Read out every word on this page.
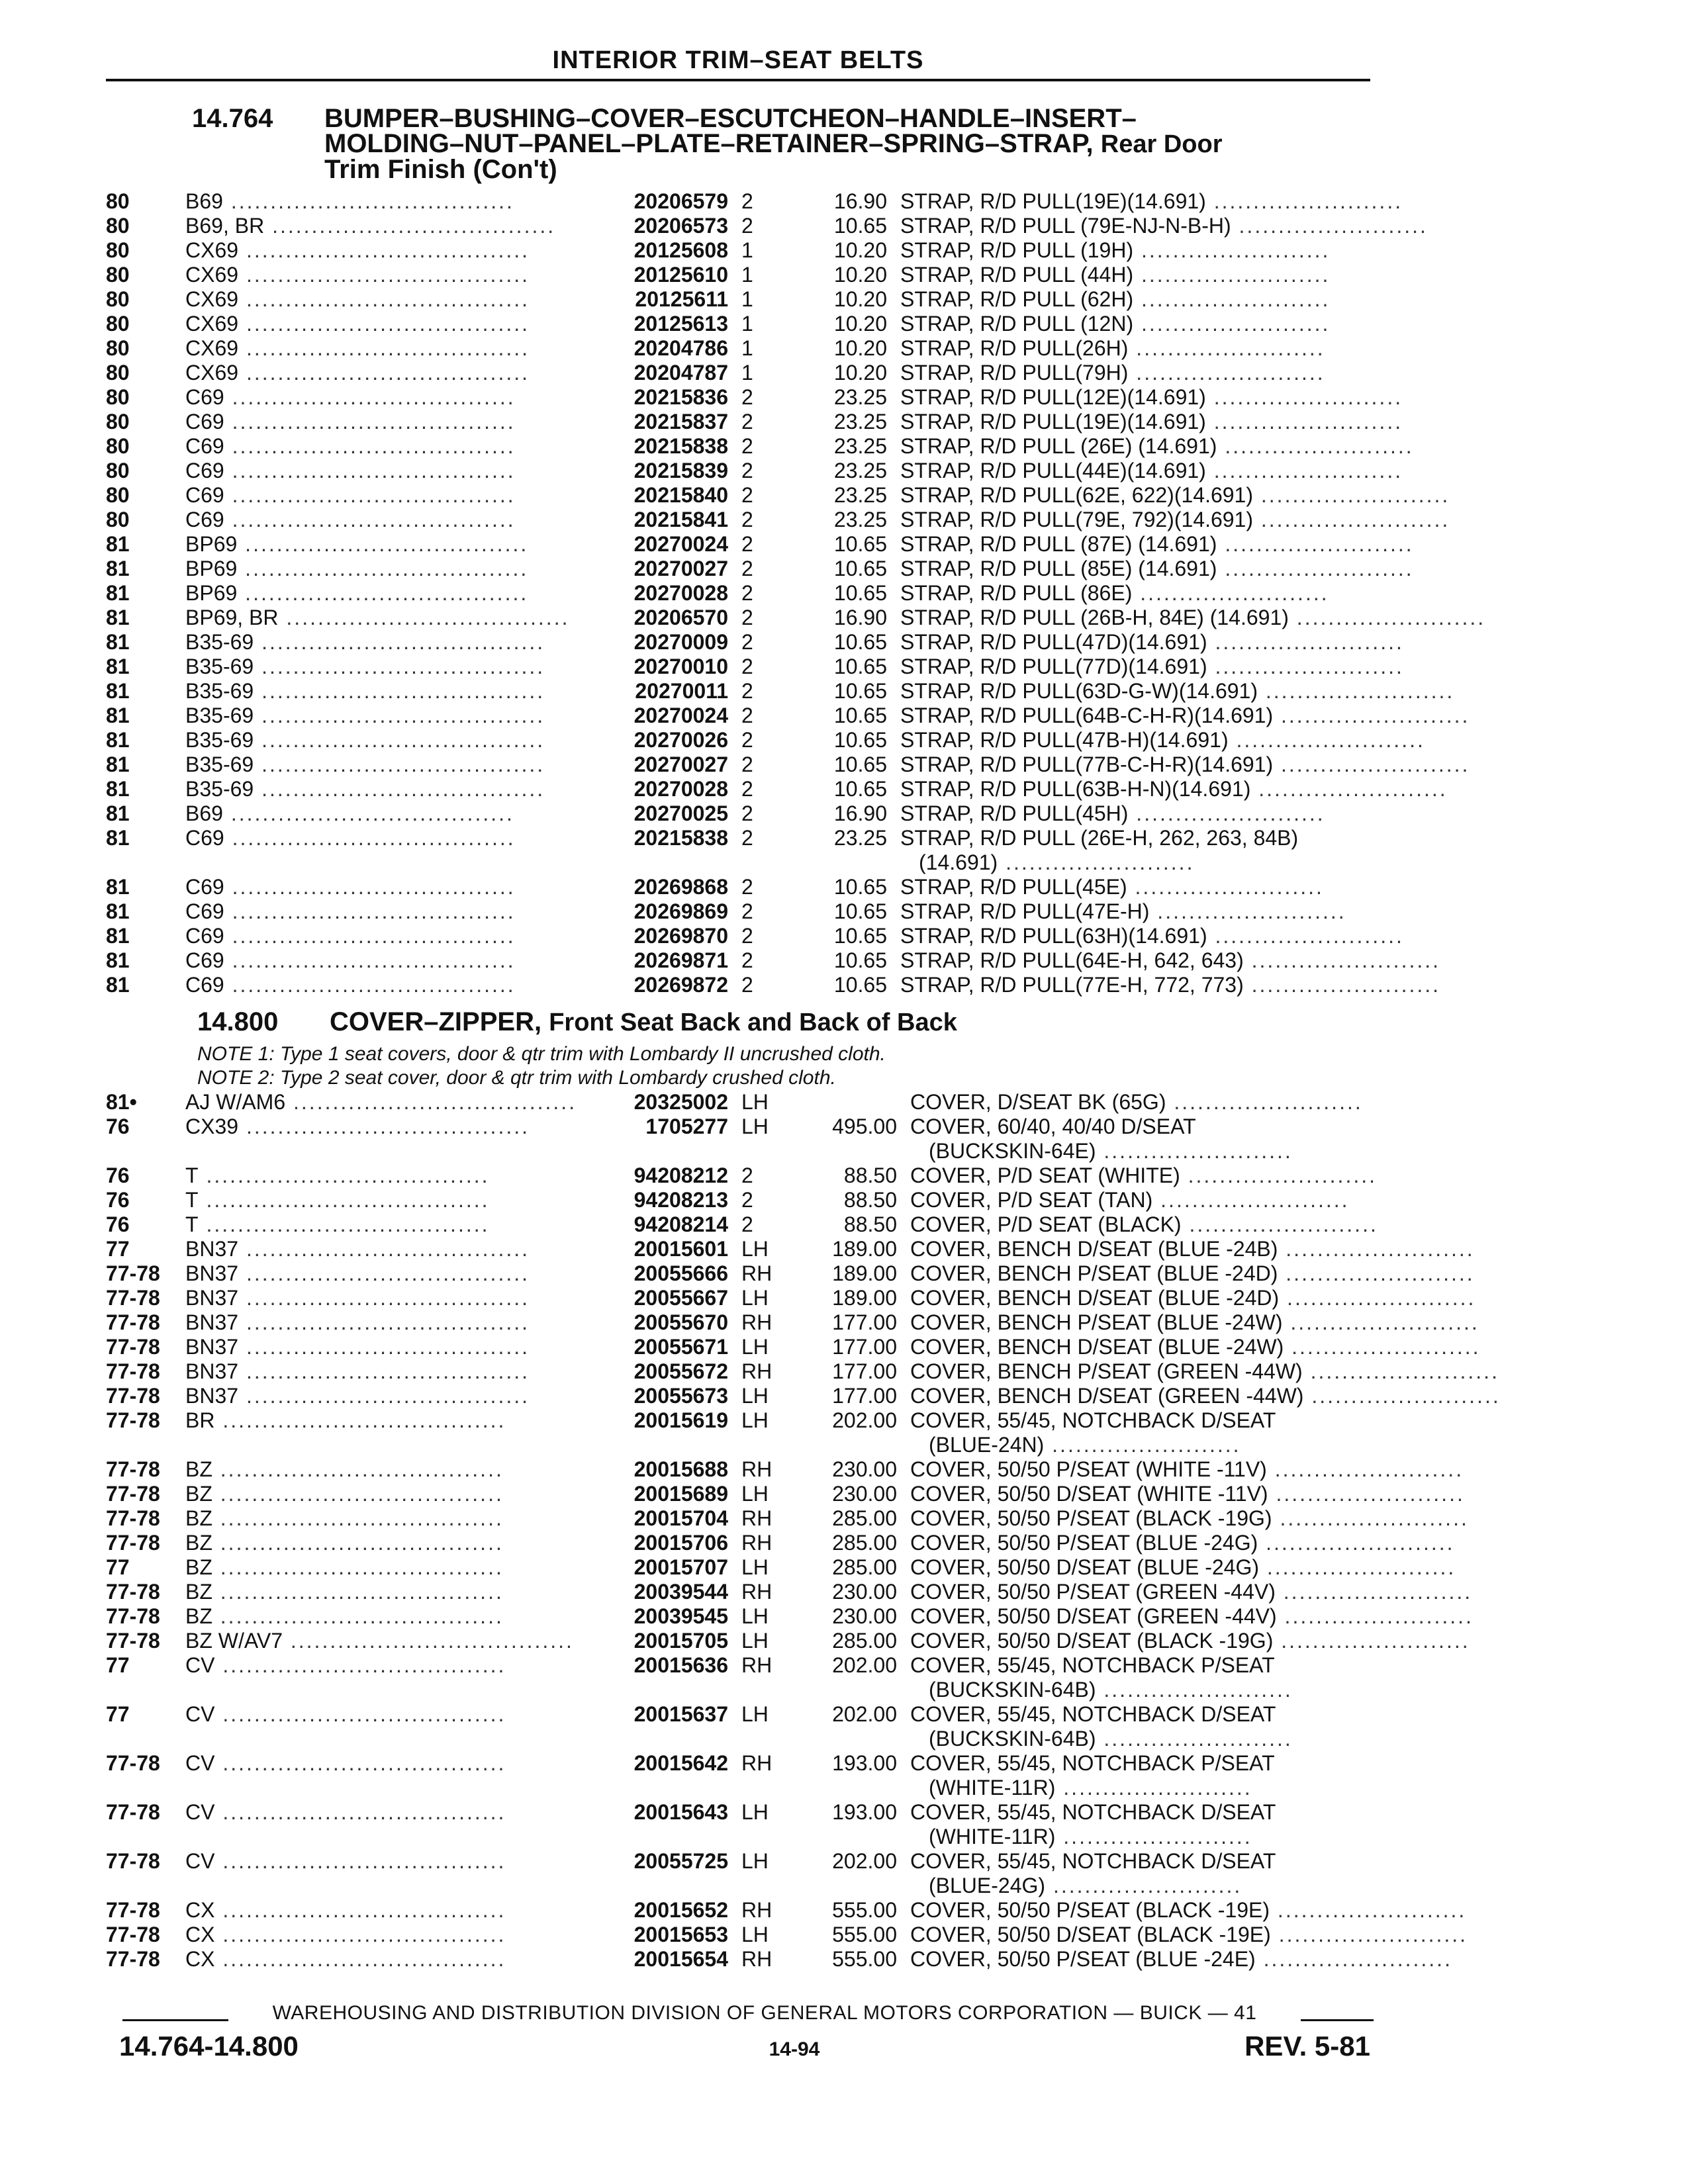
INTERIOR TRIM–SEAT BELTS
14.764 BUMPER–BUSHING–COVER–ESCUTCHEON–HANDLE–INSERT–
MOLDING–NUT–PANEL–PLATE–RETAINER–SPRING–STRAP, Rear Door
Trim Finish (Con't)
80	B69 ....................................	20206579 2	16.90 STRAP, R/D PULL(19E)(14.691) ........................
80	B69, BR ....................................	20206573 2	10.65 STRAP, R/D PULL (79E-NJ-N-B-H) ........................
80	CX69 ....................................	20125608 1	10.20 STRAP, R/D PULL (19H) ........................
80	CX69 ....................................	20125610 1	10.20 STRAP, R/D PULL (44H) ........................
80	CX69 ....................................	20125611 1	10.20 STRAP, R/D PULL (62H) ........................
80	CX69 ....................................	20125613 1	10.20 STRAP, R/D PULL (12N) ........................
80	CX69 ....................................	20204786 1	10.20 STRAP, R/D PULL(26H) ........................
80	CX69 ....................................	20204787 1	10.20 STRAP, R/D PULL(79H) ........................
80	C69 ....................................	20215836 2	23.25 STRAP, R/D PULL(12E)(14.691) ........................
80	C69 ....................................	20215837 2	23.25 STRAP, R/D PULL(19E)(14.691) ........................
80	C69 ....................................	20215838 2	23.25 STRAP, R/D PULL (26E) (14.691) ........................
80	C69 ....................................	20215839 2	23.25 STRAP, R/D PULL(44E)(14.691) ........................
80	C69 ....................................	20215840 2	23.25 STRAP, R/D PULL(62E, 622)(14.691) ........................
80	C69 ....................................	20215841 2	23.25 STRAP, R/D PULL(79E, 792)(14.691) ........................
81	BP69 ....................................	20270024 2	10.65 STRAP, R/D PULL (87E) (14.691) ........................
81	BP69 ....................................	20270027 2	10.65 STRAP, R/D PULL (85E) (14.691) ........................
81	BP69 ....................................	20270028 2	10.65 STRAP, R/D PULL (86E) ........................
81	BP69, BR ....................................	20206570 2	16.90 STRAP, R/D PULL (26B-H, 84E) (14.691) ........................
81	B35-69 ....................................	20270009 2	10.65 STRAP, R/D PULL(47D)(14.691) ........................
81	B35-69 ....................................	20270010 2	10.65 STRAP, R/D PULL(77D)(14.691) ........................
81	B35-69 ....................................	20270011 2	10.65 STRAP, R/D PULL(63D-G-W)(14.691) ........................
81	B35-69 ....................................	20270024 2	10.65 STRAP, R/D PULL(64B-C-H-R)(14.691) ........................
81	B35-69 ....................................	20270026 2	10.65 STRAP, R/D PULL(47B-H)(14.691) ........................
81	B35-69 ....................................	20270027 2	10.65 STRAP, R/D PULL(77B-C-H-R)(14.691) ........................
81	B35-69 ....................................	20270028 2	10.65 STRAP, R/D PULL(63B-H-N)(14.691) ........................
81	B69 ....................................	20270025 2	16.90 STRAP, R/D PULL(45H) ........................
81	C69 ....................................	20215838 2	23.25 STRAP, R/D PULL (26E-H, 262, 263, 84B)
(14.691) ........................
81	C69 ....................................	20269868 2	10.65 STRAP, R/D PULL(45E) ........................
81	C69 ....................................	20269869 2	10.65 STRAP, R/D PULL(47E-H) ........................
81	C69 ....................................	20269870 2	10.65 STRAP, R/D PULL(63H)(14.691) ........................
81	C69 ....................................	20269871 2	10.65 STRAP, R/D PULL(64E-H, 642, 643) ........................
81	C69 ....................................	20269872 2	10.65 STRAP, R/D PULL(77E-H, 772, 773) ........................
14.800 COVER–ZIPPER, Front Seat Back and Back of Back
NOTE 1: Type 1 seat covers, door & qtr trim with Lombardy II uncrushed cloth.
NOTE 2: Type 2 seat cover, door & qtr trim with Lombardy crushed cloth.
81•	AJ W/AM6 ....................................	20325002 LH	COVER, D/SEAT BK (65G) ........................
76	CX39 ....................................	1705277 LH	495.00 COVER, 60/40, 40/40 D/SEAT
(BUCKSKIN-64E) ........................
76	T ....................................	94208212 2	88.50 COVER, P/D SEAT (WHITE) ........................
76	T ....................................	94208213 2	88.50 COVER, P/D SEAT (TAN) ........................
76	T ....................................	94208214 2	88.50 COVER, P/D SEAT (BLACK) ........................
77	BN37 ....................................	20015601 LH	189.00 COVER, BENCH D/SEAT (BLUE -24B) ........................
77-78	BN37 ....................................	20055666 RH	189.00 COVER, BENCH P/SEAT (BLUE -24D) ........................
77-78	BN37 ....................................	20055667 LH	189.00 COVER, BENCH D/SEAT (BLUE -24D) ........................
77-78	BN37 ....................................	20055670 RH	177.00 COVER, BENCH P/SEAT (BLUE -24W) ........................
77-78	BN37 ....................................	20055671 LH	177.00 COVER, BENCH D/SEAT (BLUE -24W) ........................
77-78	BN37 ....................................	20055672 RH	177.00 COVER, BENCH P/SEAT (GREEN -44W) ........................
77-78	BN37 ....................................	20055673 LH	177.00 COVER, BENCH D/SEAT (GREEN -44W) ........................
77-78	BR ....................................	20015619 LH	202.00 COVER, 55/45, NOTCHBACK D/SEAT
(BLUE-24N) ........................
77-78	BZ ....................................	20015688 RH	230.00 COVER, 50/50 P/SEAT (WHITE -11V) ........................
77-78	BZ ....................................	20015689 LH	230.00 COVER, 50/50 D/SEAT (WHITE -11V) ........................
77-78	BZ ....................................	20015704 RH	285.00 COVER, 50/50 P/SEAT (BLACK -19G) ........................
77-78	BZ ....................................	20015706 RH	285.00 COVER, 50/50 P/SEAT (BLUE -24G) ........................
77	BZ ....................................	20015707 LH	285.00 COVER, 50/50 D/SEAT (BLUE -24G) ........................
77-78	BZ ....................................	20039544 RH	230.00 COVER, 50/50 P/SEAT (GREEN -44V) ........................
77-78	BZ ....................................	20039545 LH	230.00 COVER, 50/50 D/SEAT (GREEN -44V) ........................
77-78	BZ W/AV7 ....................................	20015705 LH	285.00 COVER, 50/50 D/SEAT (BLACK -19G) ........................
77	CV ....................................	20015636 RH	202.00 COVER, 55/45, NOTCHBACK P/SEAT
(BUCKSKIN-64B) ........................
77	CV ....................................	20015637 LH	202.00 COVER, 55/45, NOTCHBACK D/SEAT
(BUCKSKIN-64B) ........................
77-78	CV ....................................	20015642 RH	193.00 COVER, 55/45, NOTCHBACK P/SEAT
(WHITE-11R) ........................
77-78	CV ....................................	20015643 LH	193.00 COVER, 55/45, NOTCHBACK D/SEAT
(WHITE-11R) ........................
77-78	CV ....................................	20055725 LH	202.00 COVER, 55/45, NOTCHBACK D/SEAT
(BLUE-24G) ........................
77-78	CX ....................................	20015652 RH	555.00 COVER, 50/50 P/SEAT (BLACK -19E) ........................
77-78	CX ....................................	20015653 LH	555.00 COVER, 50/50 D/SEAT (BLACK -19E) ........................
77-78	CX ....................................	20015654 RH	555.00 COVER, 50/50 P/SEAT (BLUE -24E) ........................
WAREHOUSING AND DISTRIBUTION DIVISION OF GENERAL MOTORS CORPORATION — BUICK — 41
14.764-14.800	14-94	REV. 5-81
